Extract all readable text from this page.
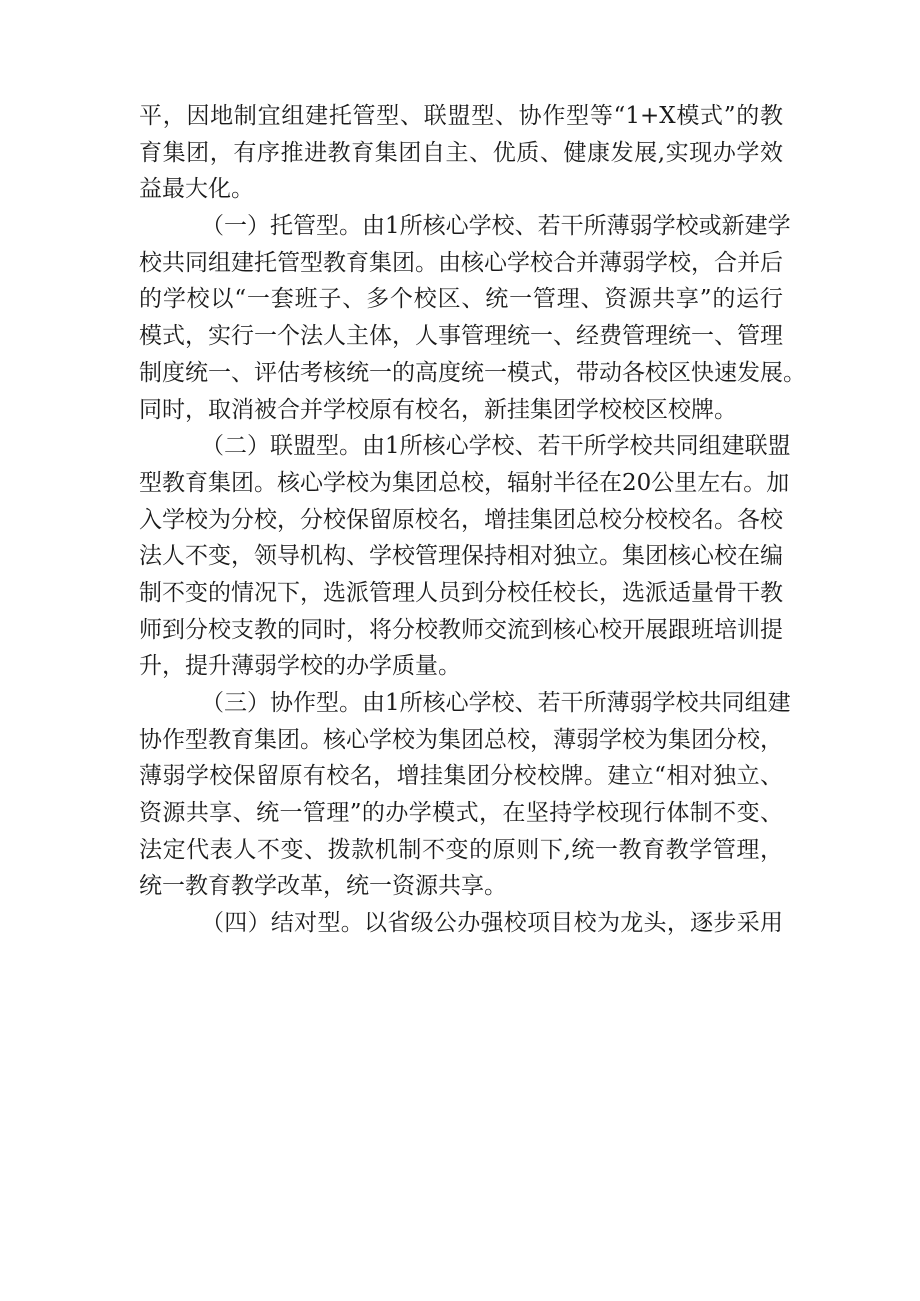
平，因地制宜组建托管型、联盟型、协作型等“1+X模式”的教
育集团，有序推进教育集团自主、优质、健康发展,实现办学效
益最大化。

（一）托管型。由1所核心学校、若干所薄弱学校或新建学
校共同组建托管型教育集团。由核心学校合并薄弱学校，合并后
的学校以“一套班子、多个校区、统一管理、资源共享”的运行
模式，实行一个法人主体，人事管理统一、经费管理统一、管理
制度统一、评估考核统一的高度统一模式，带动各校区快速发展。
同时，取消被合并学校原有校名，新挂集团学校校区校牌。

（二）联盟型。由1所核心学校、若干所学校共同组建联盟
型教育集团。核心学校为集团总校，辐射半径在20公里左右。加
入学校为分校，分校保留原校名，增挂集团总校分校校名。各校
法人不变，领导机构、学校管理保持相对独立。集团核心校在编
制不变的情况下，选派管理人员到分校任校长，选派适量骨干教
师到分校支教的同时，将分校教师交流到核心校开展跟班培训提
升，提升薄弱学校的办学质量。

（三）协作型。由1所核心学校、若干所薄弱学校共同组建
协作型教育集团。核心学校为集团总校，薄弱学校为集团分校，
薄弱学校保留原有校名，增挂集团分校校牌。建立“相对独立、
资源共享、统一管理”的办学模式，在坚持学校现行体制不变、
法定代表人不变、拨款机制不变的原则下,统一教育教学管理，
统一教育教学改革，统一资源共享。

（四）结对型。以省级公办强校项目校为龙头，逐步采用
